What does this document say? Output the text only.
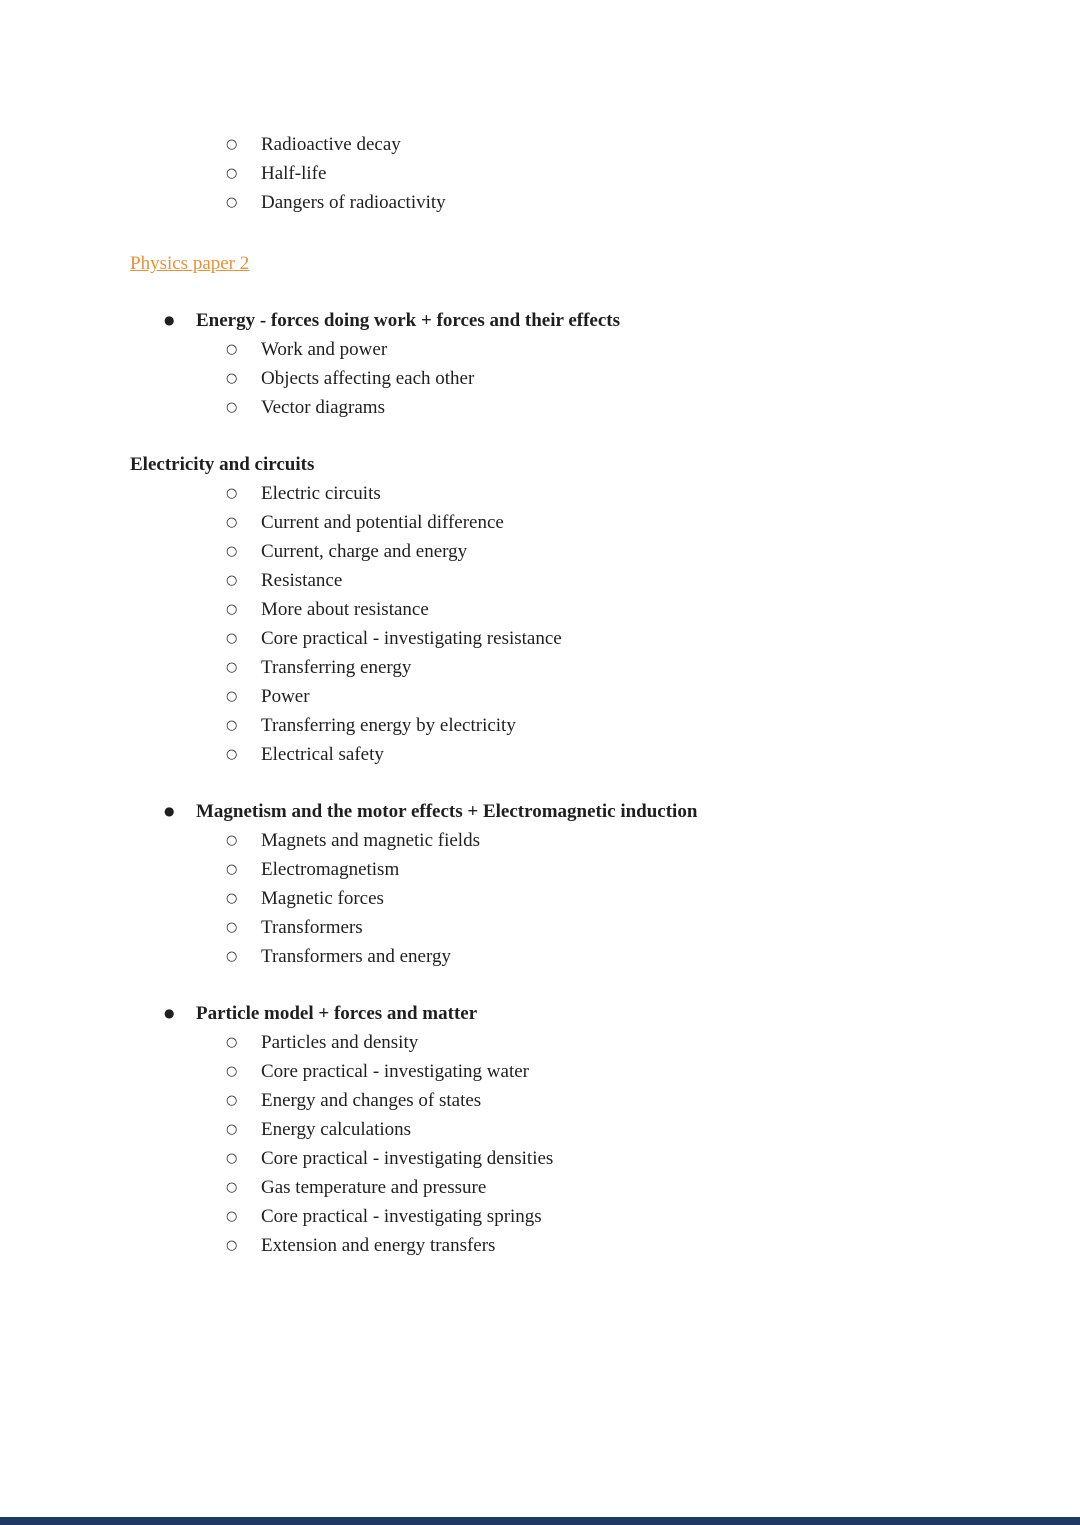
○	Radioactive decay
○	Half-life
○	Dangers of radioactivity
Physics paper 2
●	Energy - forces doing work + forces and their effects
○	Work and power
○	Objects affecting each other
○	Vector diagrams
Electricity and circuits
○	Electric circuits
○	Current and potential difference
○	Current, charge and energy
○	Resistance
○	More about resistance
○	Core practical - investigating resistance
○	Transferring energy
○	Power
○	Transferring energy by electricity
○	Electrical safety
●	Magnetism and the motor effects + Electromagnetic induction
○	Magnets and magnetic fields
○	Electromagnetism
○	Magnetic forces
○	Transformers
○	Transformers and energy
●	Particle model + forces and matter
○	Particles and density
○	Core practical - investigating water
○	Energy and changes of states
○	Energy calculations
○	Core practical - investigating densities
○	Gas temperature and pressure
○	Core practical - investigating springs
○	Extension and energy transfers
